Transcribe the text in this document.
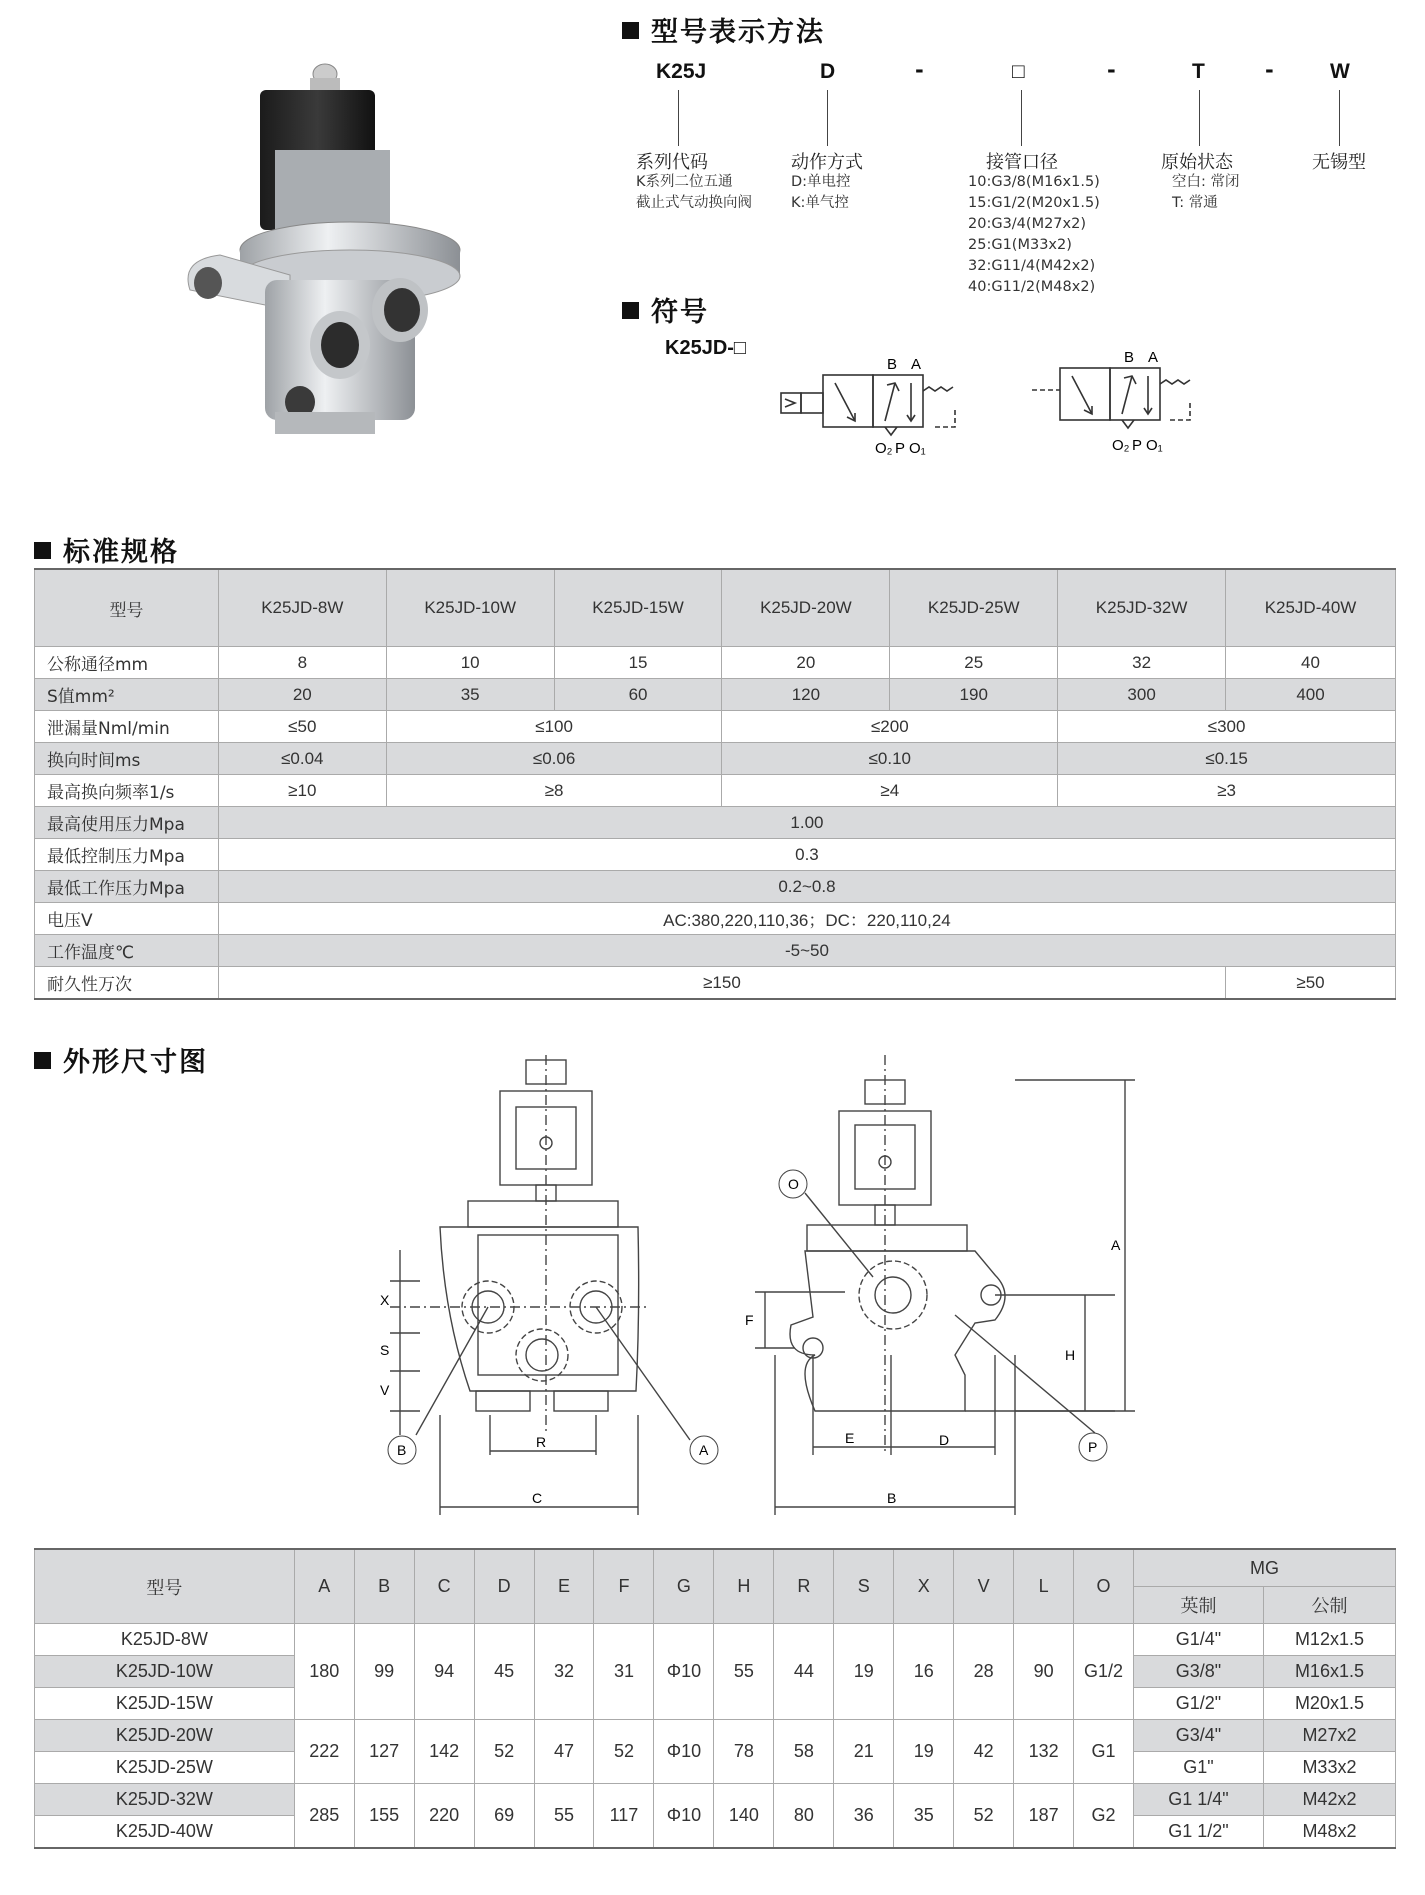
型号表示方法
K25J	D	-	□	-	T	-	W
系列代码
K系列二位五通
截止式气动换向阀
动作方式
D:单电控
K:单气控
接管口径
10:G3/8(M16x1.5)
15:G1/2(M20x1.5)
20:G3/4(M27x2)
25:G1(M33x2)
32:G11/4(M42x2)
40:G11/2(M48x2)
原始状态
空白: 常闭
T: 常通
无锡型
符号
K25JD-□
B A
O₂ P O₁
B A
O₂ P O₁
标准规格
型号	K25JD-8W	K25JD-10W	K25JD-15W	K25JD-20W	K25JD-25W	K25JD-32W	K25JD-40W
公称通径mm	8	10	15	20	25	32	40
S值mm²	20	35	60	120	190	300	400
泄漏量Nml/min	≤50	≤100		≤200		≤300	
换向时间ms	≤0.04	≤0.06		≤0.10		≤0.15	
最高换向频率1/s	≥10	≥8		≥4		≥3	
最高使用压力Mpa	1.00						
最低控制压力Mpa	0.3						
最低工作压力Mpa	0.2~0.8						
电压V	AC:380,220,110,36；DC：220,110,24						
工作温度℃	-5~50						
耐久性万次	≥150						≥50
外形尺寸图
X
S
V
B	A
R
C
O
F
H
A
E	D
B
P
型号	A	B	C	D	E	F	G	H	R	S	X	V	L	O	MG	
															英制	公制
K25JD-8W	180	99	94	45	32	31	Φ10	55	44	19	16	28	90	G1/2	G1/4"	M12x1.5
K25JD-10W															G3/8"	M16x1.5
K25JD-15W															G1/2"	M20x1.5
K25JD-20W	222	127	142	52	47	52	Φ10	78	58	21	19	42	132	G1	G3/4"	M27x2
K25JD-25W															G1"	M33x2
K25JD-32W	285	155	220	69	55	117	Φ10	140	80	36	35	52	187	G2	G1 1/4"	M42x2
K25JD-40W															G1 1/2"	M48x2
